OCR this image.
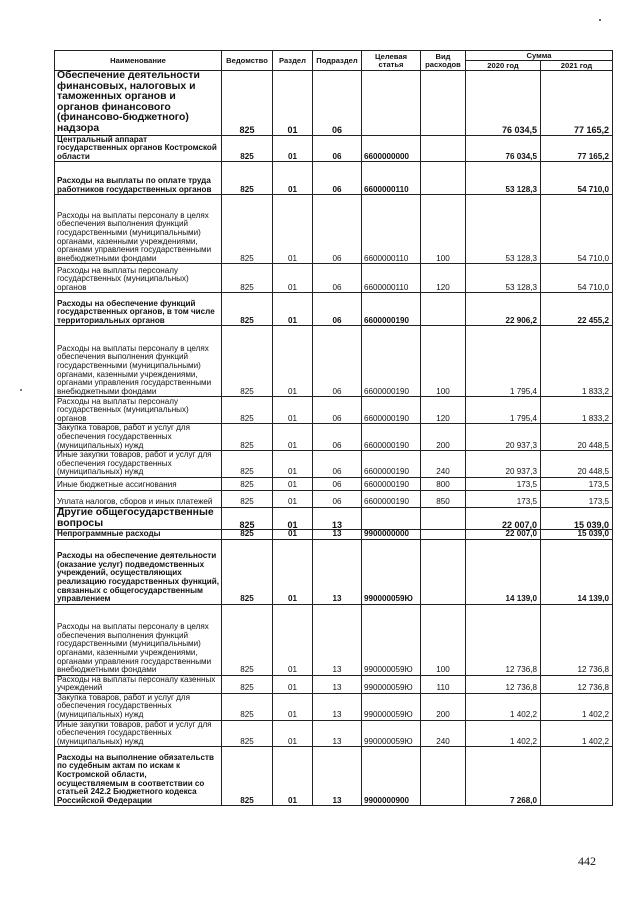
Наименование	Ведомство	Раздел	Подраздел	Целевая статья	Вид расходов	Сумма	
						2020 год	2021 год
Обеспечение деятельности финансовых, налоговых и таможенных органов и органов финансового (финансово-бюджетного) надзора	825	01	06			76 034,5	77 165,2
Центральный аппарат государственных органов Костромской области	825	01	06	6600000000		76 034,5	77 165,2
Расходы на выплаты по оплате труда работников государственных органов	825	01	06	6600000110		53 128,3	54 710,0
Расходы на выплаты персоналу в целях обеспечения выполнения функций государственными (муниципальными) органами, казенными учреждениями, органами управления государственными внебюджетными фондами	825	01	06	6600000110	100	53 128,3	54 710,0
Расходы на выплаты персоналу государственных (муниципальных) органов	825	01	06	6600000110	120	53 128,3	54 710,0
Расходы на обеспечение функций государственных органов, в том числе территориальных органов	825	01	06	6600000190		22 906,2	22 455,2
Расходы на выплаты персоналу в целях обеспечения выполнения функций государственными (муниципальными) органами, казенными учреждениями, органами управления государственными внебюджетными фондами	825	01	06	6600000190	100	1 795,4	1 833,2
Расходы на выплаты персоналу государственных (муниципальных) органов	825	01	06	6600000190	120	1 795,4	1 833,2
Закупка товаров, работ и услуг для обеспечения государственных (муниципальных) нужд	825	01	06	6600000190	200	20 937,3	20 448,5
Иные закупки товаров, работ и услуг для обеспечения государственных (муниципальных) нужд	825	01	06	6600000190	240	20 937,3	20 448,5
Иные бюджетные ассигнования	825	01	06	6600000190	800	173,5	173,5
Уплата налогов, сборов и иных платежей	825	01	06	6600000190	850	173,5	173,5
Другие общегосударственные вопросы	825	01	13			22 007,0	15 039,0
Непрограммные расходы	825	01	13	9900000000		22 007,0	15 039,0
Расходы на обеспечение деятельности (оказание услуг) подведомственных учреждений, осуществляющих реализацию государственных функций, связанных с общегосударственным управлением	825	01	13	990000059Ю		14 139,0	14 139,0
Расходы на выплаты персоналу в целях обеспечения выполнения функций государственными (муниципальными) органами, казенными учреждениями, органами управления государственными внебюджетными фондами	825	01	13	990000059Ю	100	12 736,8	12 736,8
Расходы на выплаты персоналу казенных учреждений	825	01	13	990000059Ю	110	12 736,8	12 736,8
Закупка товаров, работ и услуг для обеспечения государственных (муниципальных) нужд	825	01	13	990000059Ю	200	1 402,2	1 402,2
Иные закупки товаров, работ и услуг для обеспечения государственных (муниципальных) нужд	825	01	13	990000059Ю	240	1 402,2	1 402,2
Расходы на выполнение обязательств по судебным актам по искам к Костромской области, осуществляемым в соответствии со статьей 242.2 Бюджетного кодекса Российской Федерации	825	01	13	9900000900		7 268,0	
442
